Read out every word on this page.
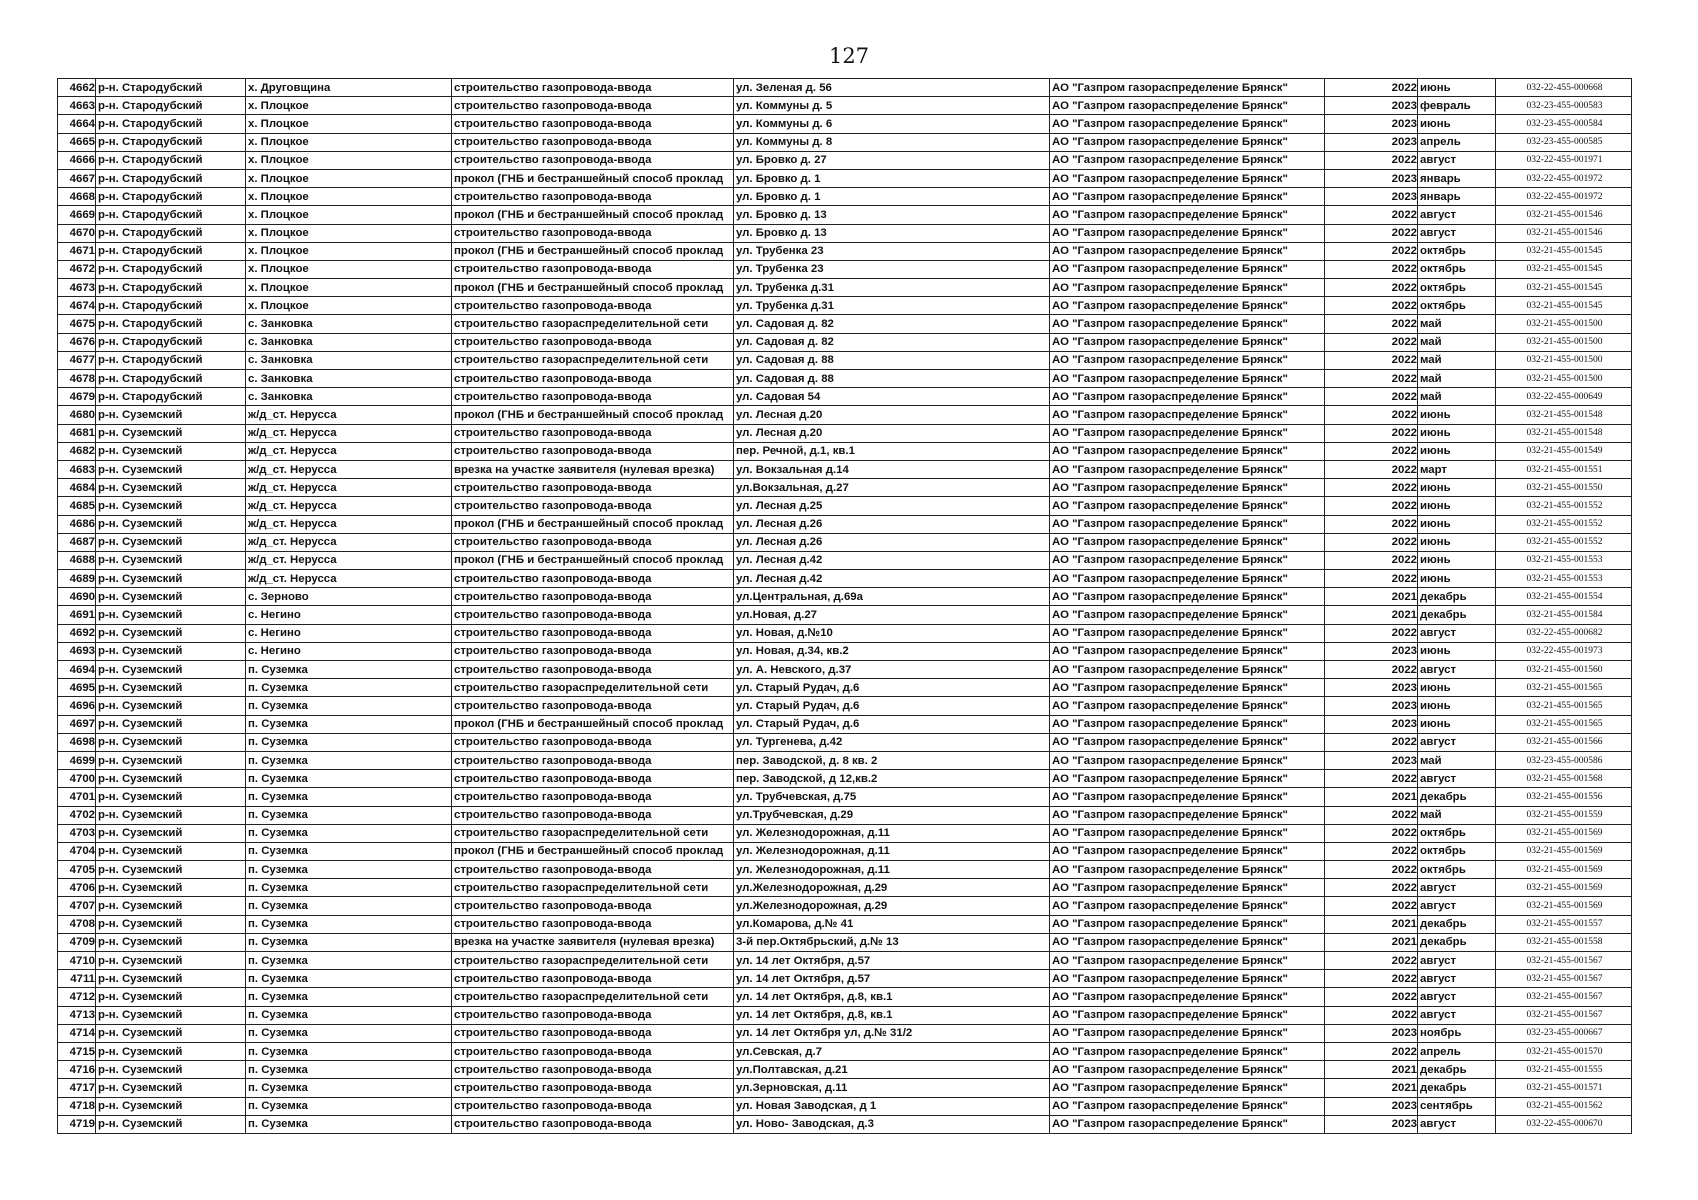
127
4662	р-н. Стародубский	х. Друговщина	строительство газопровода-ввода	ул. Зеленая д. 56	АО "Газпром газораспределение Брянск"	2022	июнь	032-22-455-000668
4663	р-н. Стародубский	х. Плоцкое	строительство газопровода-ввода	ул. Коммуны д. 5	АО "Газпром газораспределение Брянск"	2023	февраль	032-23-455-000583
4664	р-н. Стародубский	х. Плоцкое	строительство газопровода-ввода	ул. Коммуны д. 6	АО "Газпром газораспределение Брянск"	2023	июнь	032-23-455-000584
4665	р-н. Стародубский	х. Плоцкое	строительство газопровода-ввода	ул. Коммуны д. 8	АО "Газпром газораспределение Брянск"	2023	апрель	032-23-455-000585
4666	р-н. Стародубский	х. Плоцкое	строительство газопровода-ввода	ул. Бровко д. 27	АО "Газпром газораспределение Брянск"	2022	август	032-22-455-001971
4667	р-н. Стародубский	х. Плоцкое	прокол (ГНБ и бестраншейный способ проклад	ул. Бровко д. 1	АО "Газпром газораспределение Брянск"	2023	январь	032-22-455-001972
4668	р-н. Стародубский	х. Плоцкое	строительство газопровода-ввода	ул. Бровко д. 1	АО "Газпром газораспределение Брянск"	2023	январь	032-22-455-001972
4669	р-н. Стародубский	х. Плоцкое	прокол (ГНБ и бестраншейный способ проклад	ул. Бровко д. 13	АО "Газпром газораспределение Брянск"	2022	август	032-21-455-001546
4670	р-н. Стародубский	х. Плоцкое	строительство газопровода-ввода	ул. Бровко д. 13	АО "Газпром газораспределение Брянск"	2022	август	032-21-455-001546
4671	р-н. Стародубский	х. Плоцкое	прокол (ГНБ и бестраншейный способ проклад	ул. Трубенка 23	АО "Газпром газораспределение Брянск"	2022	октябрь	032-21-455-001545
4672	р-н. Стародубский	х. Плоцкое	строительство газопровода-ввода	ул. Трубенка 23	АО "Газпром газораспределение Брянск"	2022	октябрь	032-21-455-001545
4673	р-н. Стародубский	х. Плоцкое	прокол (ГНБ и бестраншейный способ проклад	ул. Трубенка д.31	АО "Газпром газораспределение Брянск"	2022	октябрь	032-21-455-001545
4674	р-н. Стародубский	х. Плоцкое	строительство газопровода-ввода	ул. Трубенка д.31	АО "Газпром газораспределение Брянск"	2022	октябрь	032-21-455-001545
4675	р-н. Стародубский	с. Занковка	строительство газораспределительной сети	ул. Садовая д. 82	АО "Газпром газораспределение Брянск"	2022	май	032-21-455-001500
4676	р-н. Стародубский	с. Занковка	строительство газопровода-ввода	ул. Садовая д. 82	АО "Газпром газораспределение Брянск"	2022	май	032-21-455-001500
4677	р-н. Стародубский	с. Занковка	строительство газораспределительной сети	ул. Садовая д. 88	АО "Газпром газораспределение Брянск"	2022	май	032-21-455-001500
4678	р-н. Стародубский	с. Занковка	строительство газопровода-ввода	ул. Садовая д. 88	АО "Газпром газораспределение Брянск"	2022	май	032-21-455-001500
4679	р-н. Стародубский	с. Занковка	строительство газопровода-ввода	ул. Садовая 54	АО "Газпром газораспределение Брянск"	2022	май	032-22-455-000649
4680	р-н. Суземский	ж/д_ст. Нерусса	прокол (ГНБ и бестраншейный способ проклад	ул. Лесная д.20	АО "Газпром газораспределение Брянск"	2022	июнь	032-21-455-001548
4681	р-н. Суземский	ж/д_ст. Нерусса	строительство газопровода-ввода	ул. Лесная д.20	АО "Газпром газораспределение Брянск"	2022	июнь	032-21-455-001548
4682	р-н. Суземский	ж/д_ст. Нерусса	строительство газопровода-ввода	пер. Речной, д.1, кв.1	АО "Газпром газораспределение Брянск"	2022	июнь	032-21-455-001549
4683	р-н. Суземский	ж/д_ст. Нерусса	врезка на участке заявителя (нулевая врезка)	ул. Вокзальная д.14	АО "Газпром газораспределение Брянск"	2022	март	032-21-455-001551
4684	р-н. Суземский	ж/д_ст. Нерусса	строительство газопровода-ввода	ул.Вокзальная, д.27	АО "Газпром газораспределение Брянск"	2022	июнь	032-21-455-001550
4685	р-н. Суземский	ж/д_ст. Нерусса	строительство газопровода-ввода	ул. Лесная д.25	АО "Газпром газораспределение Брянск"	2022	июнь	032-21-455-001552
4686	р-н. Суземский	ж/д_ст. Нерусса	прокол (ГНБ и бестраншейный способ проклад	ул. Лесная д.26	АО "Газпром газораспределение Брянск"	2022	июнь	032-21-455-001552
4687	р-н. Суземский	ж/д_ст. Нерусса	строительство газопровода-ввода	ул. Лесная д.26	АО "Газпром газораспределение Брянск"	2022	июнь	032-21-455-001552
4688	р-н. Суземский	ж/д_ст. Нерусса	прокол (ГНБ и бестраншейный способ проклад	ул. Лесная д.42	АО "Газпром газораспределение Брянск"	2022	июнь	032-21-455-001553
4689	р-н. Суземский	ж/д_ст. Нерусса	строительство газопровода-ввода	ул. Лесная д.42	АО "Газпром газораспределение Брянск"	2022	июнь	032-21-455-001553
4690	р-н. Суземский	с. Зерново	строительство газопровода-ввода	ул.Центральная, д.69а	АО "Газпром газораспределение Брянск"	2021	декабрь	032-21-455-001554
4691	р-н. Суземский	с. Негино	строительство газопровода-ввода	ул.Новая, д.27	АО "Газпром газораспределение Брянск"	2021	декабрь	032-21-455-001584
4692	р-н. Суземский	с. Негино	строительство газопровода-ввода	ул. Новая, д.№10	АО "Газпром газораспределение Брянск"	2022	август	032-22-455-000682
4693	р-н. Суземский	с. Негино	строительство газопровода-ввода	ул. Новая, д.34, кв.2	АО "Газпром газораспределение Брянск"	2023	июнь	032-22-455-001973
4694	р-н. Суземский	п. Суземка	строительство газопровода-ввода	ул. А. Невского, д.37	АО "Газпром газораспределение Брянск"	2022	август	032-21-455-001560
4695	р-н. Суземский	п. Суземка	строительство газораспределительной сети	ул. Старый Рудач, д.6	АО "Газпром газораспределение Брянск"	2023	июнь	032-21-455-001565
4696	р-н. Суземский	п. Суземка	строительство газопровода-ввода	ул. Старый Рудач, д.6	АО "Газпром газораспределение Брянск"	2023	июнь	032-21-455-001565
4697	р-н. Суземский	п. Суземка	прокол (ГНБ и бестраншейный способ проклад	ул. Старый Рудач, д.6	АО "Газпром газораспределение Брянск"	2023	июнь	032-21-455-001565
4698	р-н. Суземский	п. Суземка	строительство газопровода-ввода	ул. Тургенева, д.42	АО "Газпром газораспределение Брянск"	2022	август	032-21-455-001566
4699	р-н. Суземский	п. Суземка	строительство газопровода-ввода	пер. Заводской, д. 8 кв. 2	АО "Газпром газораспределение Брянск"	2023	май	032-23-455-000586
4700	р-н. Суземский	п. Суземка	строительство газопровода-ввода	пер. Заводской, д 12,кв.2	АО "Газпром газораспределение Брянск"	2022	август	032-21-455-001568
4701	р-н. Суземский	п. Суземка	строительство газопровода-ввода	ул. Трубчевская, д.75	АО "Газпром газораспределение Брянск"	2021	декабрь	032-21-455-001556
4702	р-н. Суземский	п. Суземка	строительство газопровода-ввода	ул.Трубчевская, д.29	АО "Газпром газораспределение Брянск"	2022	май	032-21-455-001559
4703	р-н. Суземский	п. Суземка	строительство газораспределительной сети	ул. Железнодорожная, д.11	АО "Газпром газораспределение Брянск"	2022	октябрь	032-21-455-001569
4704	р-н. Суземский	п. Суземка	прокол (ГНБ и бестраншейный способ проклад	ул. Железнодорожная, д.11	АО "Газпром газораспределение Брянск"	2022	октябрь	032-21-455-001569
4705	р-н. Суземский	п. Суземка	строительство газопровода-ввода	ул. Железнодорожная, д.11	АО "Газпром газораспределение Брянск"	2022	октябрь	032-21-455-001569
4706	р-н. Суземский	п. Суземка	строительство газораспределительной сети	ул.Железнодорожная, д.29	АО "Газпром газораспределение Брянск"	2022	август	032-21-455-001569
4707	р-н. Суземский	п. Суземка	строительство газопровода-ввода	ул.Железнодорожная, д.29	АО "Газпром газораспределение Брянск"	2022	август	032-21-455-001569
4708	р-н. Суземский	п. Суземка	строительство газопровода-ввода	ул.Комарова, д.№ 41	АО "Газпром газораспределение Брянск"	2021	декабрь	032-21-455-001557
4709	р-н. Суземский	п. Суземка	врезка на участке заявителя (нулевая врезка)	3-й пер.Октябрьский, д.№ 13	АО "Газпром газораспределение Брянск"	2021	декабрь	032-21-455-001558
4710	р-н. Суземский	п. Суземка	строительство газораспределительной сети	ул. 14 лет Октября, д.57	АО "Газпром газораспределение Брянск"	2022	август	032-21-455-001567
4711	р-н. Суземский	п. Суземка	строительство газопровода-ввода	ул. 14 лет Октября, д.57	АО "Газпром газораспределение Брянск"	2022	август	032-21-455-001567
4712	р-н. Суземский	п. Суземка	строительство газораспределительной сети	ул. 14 лет Октября, д.8, кв.1	АО "Газпром газораспределение Брянск"	2022	август	032-21-455-001567
4713	р-н. Суземский	п. Суземка	строительство газопровода-ввода	ул. 14 лет Октября, д.8, кв.1	АО "Газпром газораспределение Брянск"	2022	август	032-21-455-001567
4714	р-н. Суземский	п. Суземка	строительство газопровода-ввода	ул. 14 лет Октября ул, д.№ 31/2	АО "Газпром газораспределение Брянск"	2023	ноябрь	032-23-455-000667
4715	р-н. Суземский	п. Суземка	строительство газопровода-ввода	ул.Севская, д.7	АО "Газпром газораспределение Брянск"	2022	апрель	032-21-455-001570
4716	р-н. Суземский	п. Суземка	строительство газопровода-ввода	ул.Полтавская, д.21	АО "Газпром газораспределение Брянск"	2021	декабрь	032-21-455-001555
4717	р-н. Суземский	п. Суземка	строительство газопровода-ввода	ул.Зерновская, д.11	АО "Газпром газораспределение Брянск"	2021	декабрь	032-21-455-001571
4718	р-н. Суземский	п. Суземка	строительство газопровода-ввода	ул. Новая Заводская, д 1	АО "Газпром газораспределение Брянск"	2023	сентябрь	032-21-455-001562
4719	р-н. Суземский	п. Суземка	строительство газопровода-ввода	ул. Ново- Заводская, д.3	АО "Газпром газораспределение Брянск"	2023	август	032-22-455-000670
